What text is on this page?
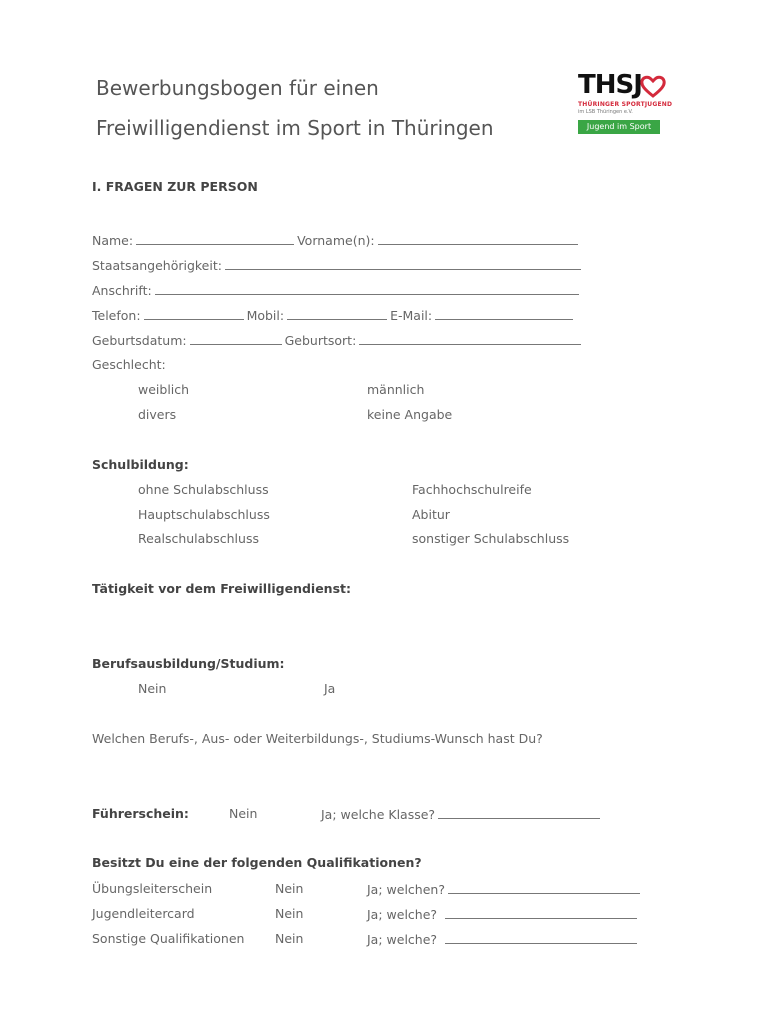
Bewerbungsbogen für einen
Freiwilligendienst im Sport in Thüringen
THSJ
THÜRINGER SPORTJUGEND
im LSB Thüringen e.V.
Jugend im Sport
I. FRAGEN ZUR PERSON
Name:	Vorname(n):
Staatsangehörigkeit:
Anschrift:
Telefon:	Mobil:	E-Mail:
Geburtsdatum:	Geburtsort:
Geschlecht:
weiblich	männlich
divers	keine Angabe
Schulbildung:
ohne Schulabschluss	Fachhochschulreife
Hauptschulabschluss	Abitur
Realschulabschluss	sonstiger Schulabschluss
Tätigkeit vor dem Freiwilligendienst:
Berufsausbildung/Studium:
Nein	Ja
Welchen Berufs-, Aus- oder Weiterbildungs-, Studiums-Wunsch hast Du?
Führerschein:	Nein	Ja; welche Klasse?
Besitzt Du eine der folgenden Qualifikationen?
Übungsleiterschein	Nein	Ja; welchen?
Jugendleitercard	Nein	Ja; welche?
Sonstige Qualifikationen Nein	Ja; welche?
